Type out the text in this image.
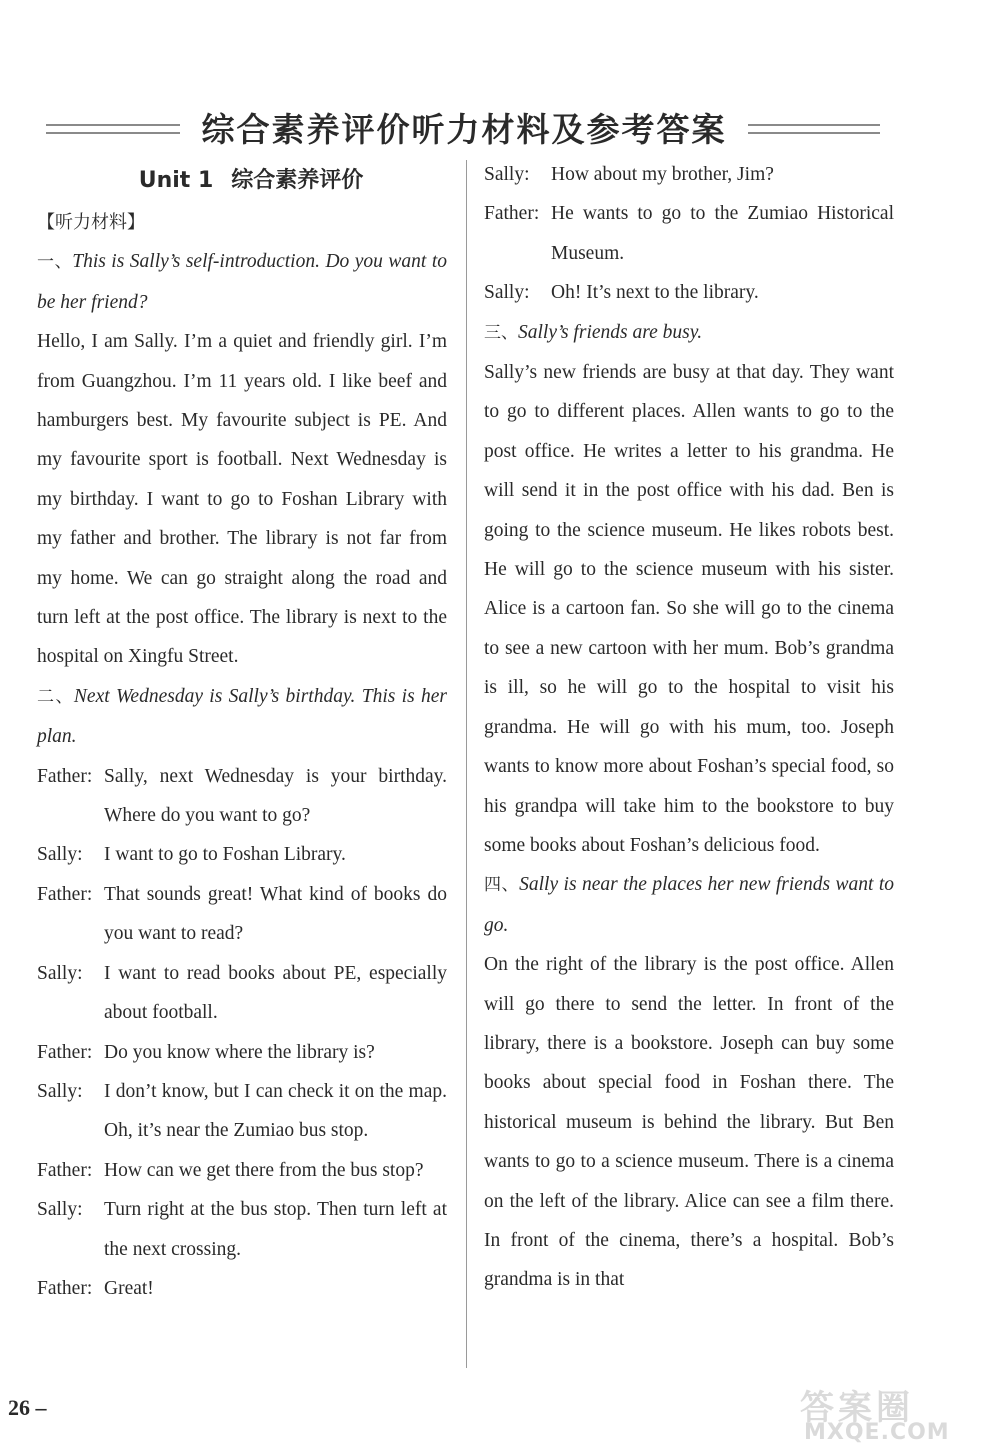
综合素养评价听力材料及参考答案
Unit 1 综合素养评价
【听力材料】

一、This is Sally’s self-introduction. Do you want to be her friend?

Hello, I am Sally. I’m a quiet and friendly girl. I’m from Guangzhou. I’m 11 years old. I like beef and hamburgers best. My favourite subject is PE. And my favourite sport is football. Next Wednesday is my birthday. I want to go to Foshan Library with my father and brother. The library is not far from my home. We can go straight along the road and turn left at the post office. The library is next to the hospital on Xingfu Street.

二、Next Wednesday is Sally’s birthday. This is her plan.

Father: Sally, next Wednesday is your birthday. Where do you want to go?
Sally: I want to go to Foshan Library.
Father: That sounds great! What kind of books do you want to read?
Sally: I want to read books about PE, especially about football.
Father: Do you know where the library is?
Sally: I don’t know, but I can check it on the map. Oh, it’s near the Zumiao bus stop.
Father: How can we get there from the bus stop?
Sally: Turn right at the bus stop. Then turn left at the next crossing.
Father: Great!
Sally: How about my brother, Jim?
Father: He wants to go to the Zumiao Historical Museum.
Sally: Oh! It’s next to the library.

三、Sally’s friends are busy.

Sally’s new friends are busy at that day. They want to go to different places. Allen wants to go to the post office. He writes a letter to his grandma. He will send it in the post office with his dad. Ben is going to the science museum. He likes robots best. He will go to the science museum with his sister. Alice is a cartoon fan. So she will go to the cinema to see a new cartoon with her mum. Bob’s grandma is ill, so he will go to the hospital to visit his grandma. He will go with his mum, too. Joseph wants to know more about Foshan’s special food, so his grandpa will take him to the bookstore to buy some books about Foshan’s delicious food.

四、Sally is near the places her new friends want to go.

On the right of the library is the post office. Allen will go there to send the letter. In front of the library, there is a bookstore. Joseph can buy some books about special food in Foshan there. The historical museum is behind the library. But Ben wants to go to a science museum. There is a cinema on the left of the library. Alice can see a film there. In front of the cinema, there’s a hospital. Bob’s grandma is in that

26 –	答案圈
MXQE.COM
